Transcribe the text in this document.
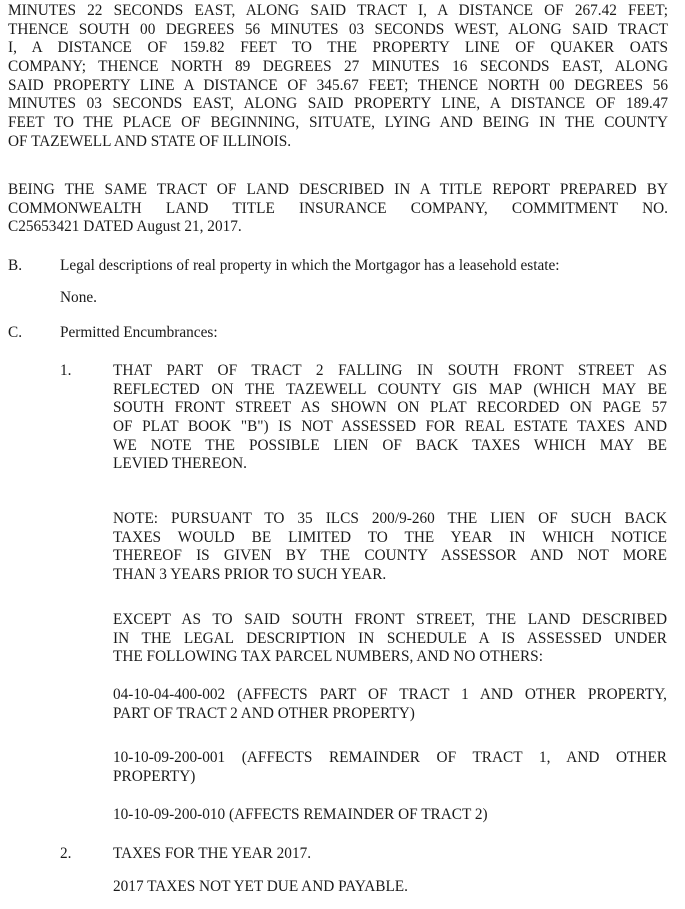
MINUTES 22 SECONDS EAST, ALONG SAID TRACT I, A DISTANCE OF 267.42 FEET;
THENCE SOUTH 00 DEGREES 56 MINUTES 03 SECONDS WEST, ALONG SAID TRACT
I, A DISTANCE OF 159.82 FEET TO THE PROPERTY LINE OF QUAKER OATS
COMPANY; THENCE NORTH 89 DEGREES 27 MINUTES 16 SECONDS EAST, ALONG
SAID PROPERTY LINE A DISTANCE OF 345.67 FEET; THENCE NORTH 00 DEGREES 56
MINUTES 03 SECONDS EAST, ALONG SAID PROPERTY LINE, A DISTANCE OF 189.47
FEET TO THE PLACE OF BEGINNING, SITUATE, LYING AND BEING IN THE COUNTY
OF TAZEWELL AND STATE OF ILLINOIS.
BEING THE SAME TRACT OF LAND DESCRIBED IN A TITLE REPORT PREPARED BY
COMMONWEALTH LAND TITLE INSURANCE COMPANY, COMMITMENT NO.
C25653421 DATED August 21, 2017.
B. Legal descriptions of real property in which the Mortgagor has a leasehold estate:
None.
C. Permitted Encumbrances:
1.	THAT PART OF TRACT 2 FALLING IN SOUTH FRONT STREET AS
REFLECTED ON THE TAZEWELL COUNTY GIS MAP (WHICH MAY BE
SOUTH FRONT STREET AS SHOWN ON PLAT RECORDED ON PAGE 57
OF PLAT BOOK "B") IS NOT ASSESSED FOR REAL ESTATE TAXES AND
WE NOTE THE POSSIBLE LIEN OF BACK TAXES WHICH MAY BE
LEVIED THEREON.
NOTE: PURSUANT TO 35 ILCS 200/9-260 THE LIEN OF SUCH BACK
TAXES WOULD BE LIMITED TO THE YEAR IN WHICH NOTICE
THEREOF IS GIVEN BY THE COUNTY ASSESSOR AND NOT MORE
THAN 3 YEARS PRIOR TO SUCH YEAR.
EXCEPT AS TO SAID SOUTH FRONT STREET, THE LAND DESCRIBED
IN THE LEGAL DESCRIPTION IN SCHEDULE A IS ASSESSED UNDER
THE FOLLOWING TAX PARCEL NUMBERS, AND NO OTHERS:
04-10-04-400-002 (AFFECTS PART OF TRACT 1 AND OTHER PROPERTY,
PART OF TRACT 2 AND OTHER PROPERTY)
10-10-09-200-001 (AFFECTS REMAINDER OF TRACT 1, AND OTHER
PROPERTY)
10-10-09-200-010 (AFFECTS REMAINDER OF TRACT 2)
2.	TAXES FOR THE YEAR 2017.
2017 TAXES NOT YET DUE AND PAYABLE.
